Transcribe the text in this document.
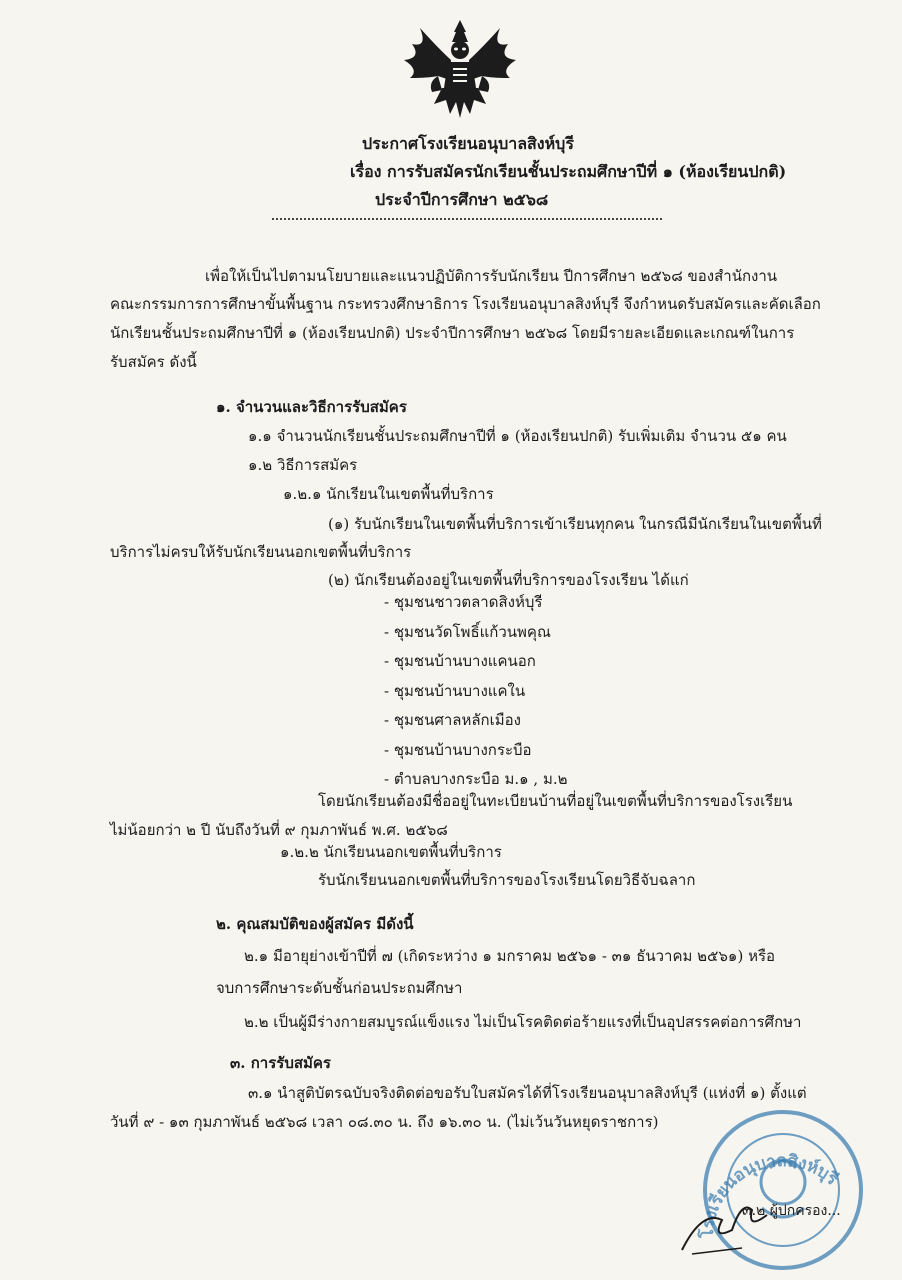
ประกาศโรงเรียนอนุบาลสิงห์บุรี
เรื่อง การรับสมัครนักเรียนชั้นประถมศึกษาปีที่ ๑ (ห้องเรียนปกติ)
ประจำปีการศึกษา ๒๕๖๘
เพื่อให้เป็นไปตามนโยบายและแนวปฏิบัติการรับนักเรียน ปีการศึกษา ๒๕๖๘ ของสำนักงาน
คณะกรรมการการศึกษาขั้นพื้นฐาน กระทรวงศึกษาธิการ โรงเรียนอนุบาลสิงห์บุรี จึงกำหนดรับสมัครและคัดเลือก
นักเรียนชั้นประถมศึกษาปีที่ ๑ (ห้องเรียนปกติ) ประจำปีการศึกษา ๒๕๖๘ โดยมีรายละเอียดและเกณฑ์ในการ
รับสมัคร ดังนี้
๑. จำนวนและวิธีการรับสมัคร
๑.๑ จำนวนนักเรียนชั้นประถมศึกษาปีที่ ๑ (ห้องเรียนปกติ) รับเพิ่มเติม จำนวน ๕๑ คน
๑.๒ วิธีการสมัคร
๑.๒.๑ นักเรียนในเขตพื้นที่บริการ
(๑) รับนักเรียนในเขตพื้นที่บริการเข้าเรียนทุกคน ในกรณีมีนักเรียนในเขตพื้นที่
บริการไม่ครบให้รับนักเรียนนอกเขตพื้นที่บริการ
(๒) นักเรียนต้องอยู่ในเขตพื้นที่บริการของโรงเรียน ได้แก่
- ชุมชนชาวตลาดสิงห์บุรี
- ชุมชนวัดโพธิ์แก้วนพคุณ
- ชุมชนบ้านบางแคนอก
- ชุมชนบ้านบางแคใน
- ชุมชนศาลหลักเมือง
- ชุมชนบ้านบางกระบือ
- ตำบลบางกระบือ ม.๑ , ม.๒
โดยนักเรียนต้องมีชื่ออยู่ในทะเบียนบ้านที่อยู่ในเขตพื้นที่บริการของโรงเรียน
ไม่น้อยกว่า ๒ ปี นับถึงวันที่ ๙ กุมภาพันธ์ พ.ศ. ๒๕๖๘
๑.๒.๒ นักเรียนนอกเขตพื้นที่บริการ
รับนักเรียนนอกเขตพื้นที่บริการของโรงเรียนโดยวิธีจับฉลาก
๒. คุณสมบัติของผู้สมัคร มีดังนี้
๒.๑ มีอายุย่างเข้าปีที่ ๗ (เกิดระหว่าง ๑ มกราคม ๒๕๖๑ - ๓๑ ธันวาคม ๒๕๖๑) หรือ
จบการศึกษาระดับชั้นก่อนประถมศึกษา
๒.๒ เป็นผู้มีร่างกายสมบูรณ์แข็งแรง ไม่เป็นโรคติดต่อร้ายแรงที่เป็นอุปสรรคต่อการศึกษา
๓. การรับสมัคร
๓.๑ นำสูติบัตรฉบับจริงติดต่อขอรับใบสมัครได้ที่โรงเรียนอนุบาลสิงห์บุรี (แห่งที่ ๑) ตั้งแต่
วันที่ ๙ - ๑๓ กุมภาพันธ์ ๒๕๖๘ เวลา ๐๘.๓๐ น. ถึง ๑๖.๓๐ น. (ไม่เว้นวันหยุดราชการ)
โรงเรียนอนุบาลสิงห์บุรี
๓.๒ ผู้ปกครอง...
